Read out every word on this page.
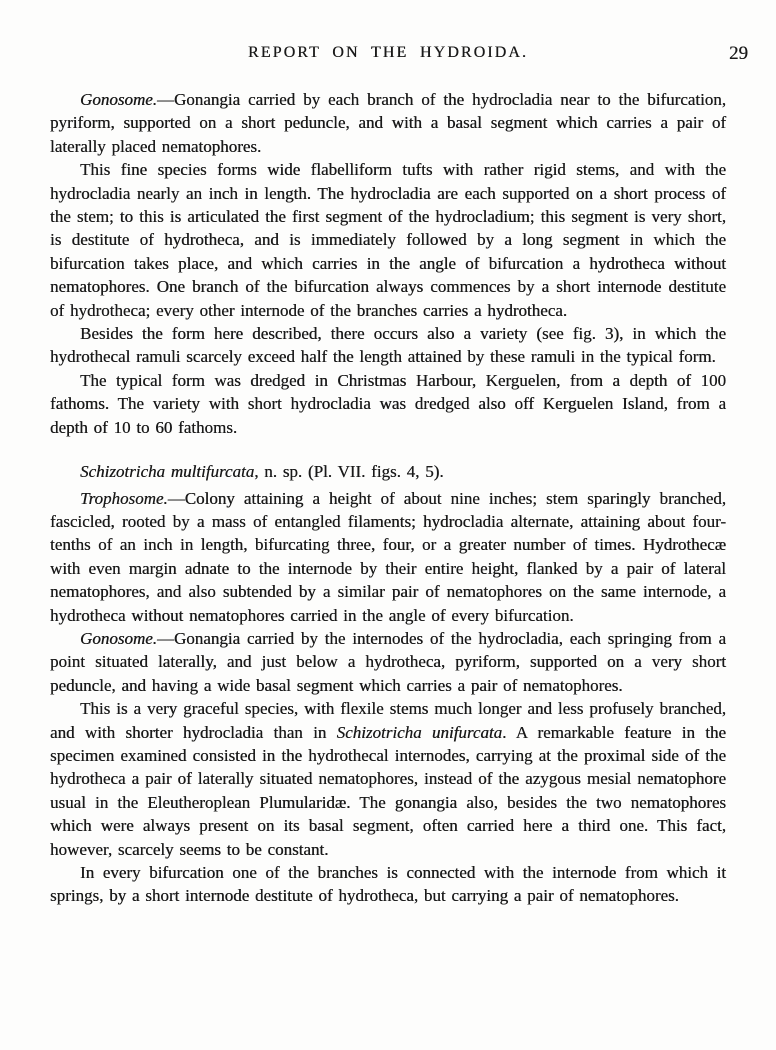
REPORT ON THE HYDROIDA.	29

Gonosome.—Gonangia carried by each branch of the hydrocladia near to the bifurcation, pyriform, supported on a short peduncle, and with a basal segment which carries a pair of laterally placed nematophores.

This fine species forms wide flabelliform tufts with rather rigid stems, and with the hydrocladia nearly an inch in length. The hydrocladia are each supported on a short process of the stem; to this is articulated the first segment of the hydrocladium; this segment is very short, is destitute of hydrotheca, and is immediately followed by a long segment in which the bifurcation takes place, and which carries in the angle of bifurcation a hydrotheca without nematophores. One branch of the bifurcation always commences by a short internode destitute of hydrotheca; every other internode of the branches carries a hydrotheca.

Besides the form here described, there occurs also a variety (see fig. 3), in which the hydrothecal ramuli scarcely exceed half the length attained by these ramuli in the typical form.

The typical form was dredged in Christmas Harbour, Kerguelen, from a depth of 100 fathoms. The variety with short hydrocladia was dredged also off Kerguelen Island, from a depth of 10 to 60 fathoms.

Schizotricha multifurcata, n. sp. (Pl. VII. figs. 4, 5).

Trophosome.—Colony attaining a height of about nine inches; stem sparingly branched, fascicled, rooted by a mass of entangled filaments; hydrocladia alternate, attaining about four-tenths of an inch in length, bifurcating three, four, or a greater number of times. Hydrothecæ with even margin adnate to the internode by their entire height, flanked by a pair of lateral nematophores, and also subtended by a similar pair of nematophores on the same internode, a hydrotheca without nematophores carried in the angle of every bifurcation.

Gonosome.—Gonangia carried by the internodes of the hydrocladia, each springing from a point situated laterally, and just below a hydrotheca, pyriform, supported on a very short peduncle, and having a wide basal segment which carries a pair of nematophores.

This is a very graceful species, with flexile stems much longer and less profusely branched, and with shorter hydrocladia than in Schizotricha unifurcata. A remarkable feature in the specimen examined consisted in the hydrothecal internodes, carrying at the proximal side of the hydrotheca a pair of laterally situated nematophores, instead of the azygous mesial nematophore usual in the Eleutheroplean Plumularidæ. The gonangia also, besides the two nematophores which were always present on its basal segment, often carried here a third one. This fact, however, scarcely seems to be constant.

In every bifurcation one of the branches is connected with the internode from which it springs, by a short internode destitute of hydrotheca, but carrying a pair of nematophores.
